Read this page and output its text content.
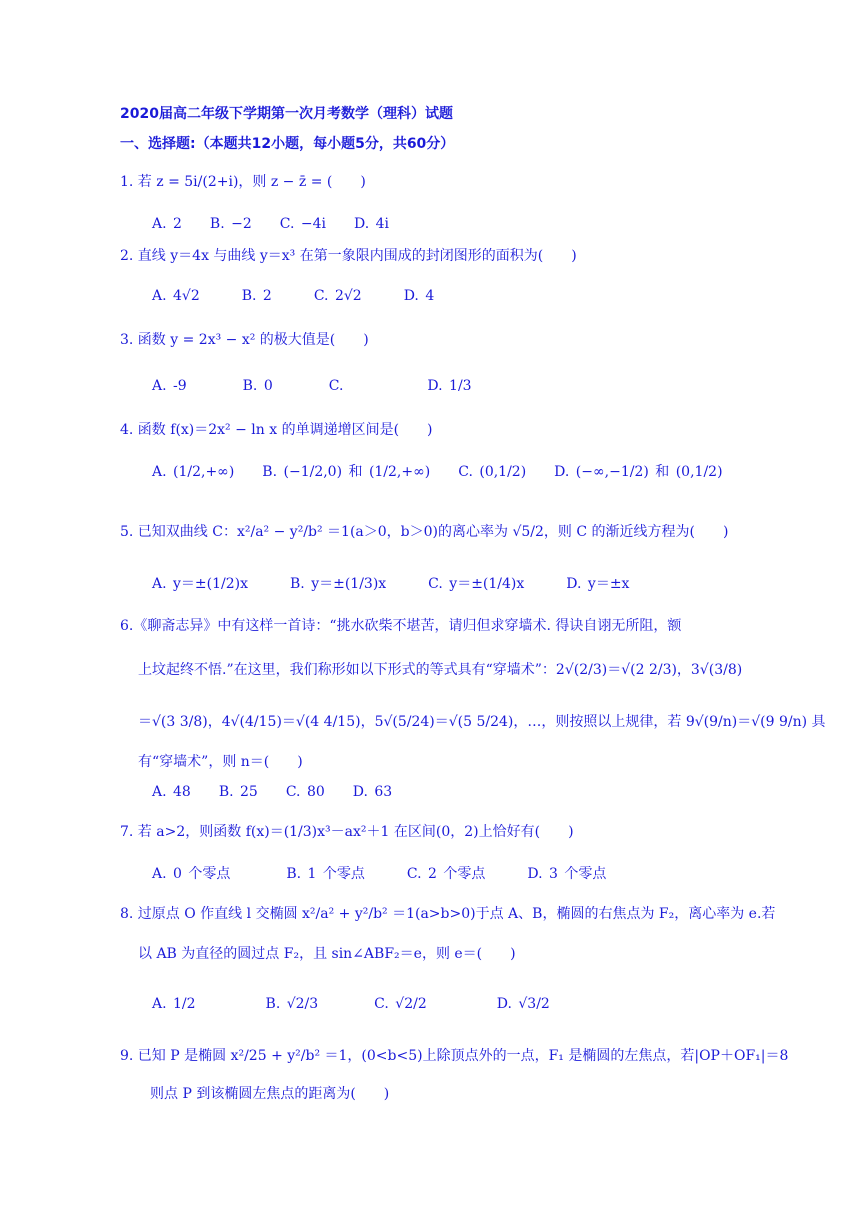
2020届高二年级下学期第一次月考数学（理科）试题
一、选择题:（本题共12小题，每小题5分，共60分）
1. 若 z = 5i/(2+i)，则 z − z̄ = (　　)
A. 2　　B. −2　　C. −4i　　D. 4i
2. 直线 y＝4x 与曲线 y＝x³ 在第一象限内围成的封闭图形的面积为(　　)
A. 4√2　　　B. 2　　　C. 2√2　　　D. 4
3. 函数 y = 2x³ − x² 的极大值是(　　)
A. -9　　　　B. 0　　　　C.　　　　　　D. 1/3
4. 函数 f(x)＝2x² − ln x 的单调递增区间是(　　)
A. (1/2,+∞)　　B. (−1/2,0) 和 (1/2,+∞)　　C. (0,1/2)　　D. (−∞,−1/2) 和 (0,1/2)
5. 已知双曲线 C：x²/a² − y²/b² ＝1(a＞0，b＞0)的离心率为 √5/2，则 C 的渐近线方程为(　　)
A. y＝±(1/2)x　　　B. y＝±(1/3)x　　　C. y＝±(1/4)x　　　D. y＝±x
6.《聊斋志异》中有这样一首诗：“挑水砍柴不堪苦，请归但求穿墙术. 得诀自诩无所阻，额
上坟起终不悟.”在这里，我们称形如以下形式的等式具有“穿墙术”：2√(2/3)＝√(2 2/3)，3√(3/8)
＝√(3 3/8)，4√(4/15)＝√(4 4/15)，5√(5/24)＝√(5 5/24)，…，则按照以上规律，若 9√(9/n)＝√(9 9/n) 具
有“穿墙术”，则 n＝(　　)
A. 48　　B. 25　　C. 80　　D. 63
7. 若 a>2，则函数 f(x)＝(1/3)x³－ax²＋1 在区间(0，2)上恰好有(　　)
A. 0 个零点　　　　B. 1 个零点　　　C. 2 个零点　　　D. 3 个零点
8. 过原点 O 作直线 l 交椭圆 x²/a² + y²/b² ＝1(a>b>0)于点 A、B，椭圆的右焦点为 F₂，离心率为 e.若
以 AB 为直径的圆过点 F₂，且 sin∠ABF₂＝e，则 e＝(　　)
A. 1/2　　　　　B. √2/3　　　　C. √2/2　　　　　D. √3/2
9. 已知 P 是椭圆 x²/25 + y²/b² ＝1，(0<b<5)上除顶点外的一点，F₁ 是椭圆的左焦点，若|OP＋OF₁|＝8
则点 P 到该椭圆左焦点的距离为(　　)
